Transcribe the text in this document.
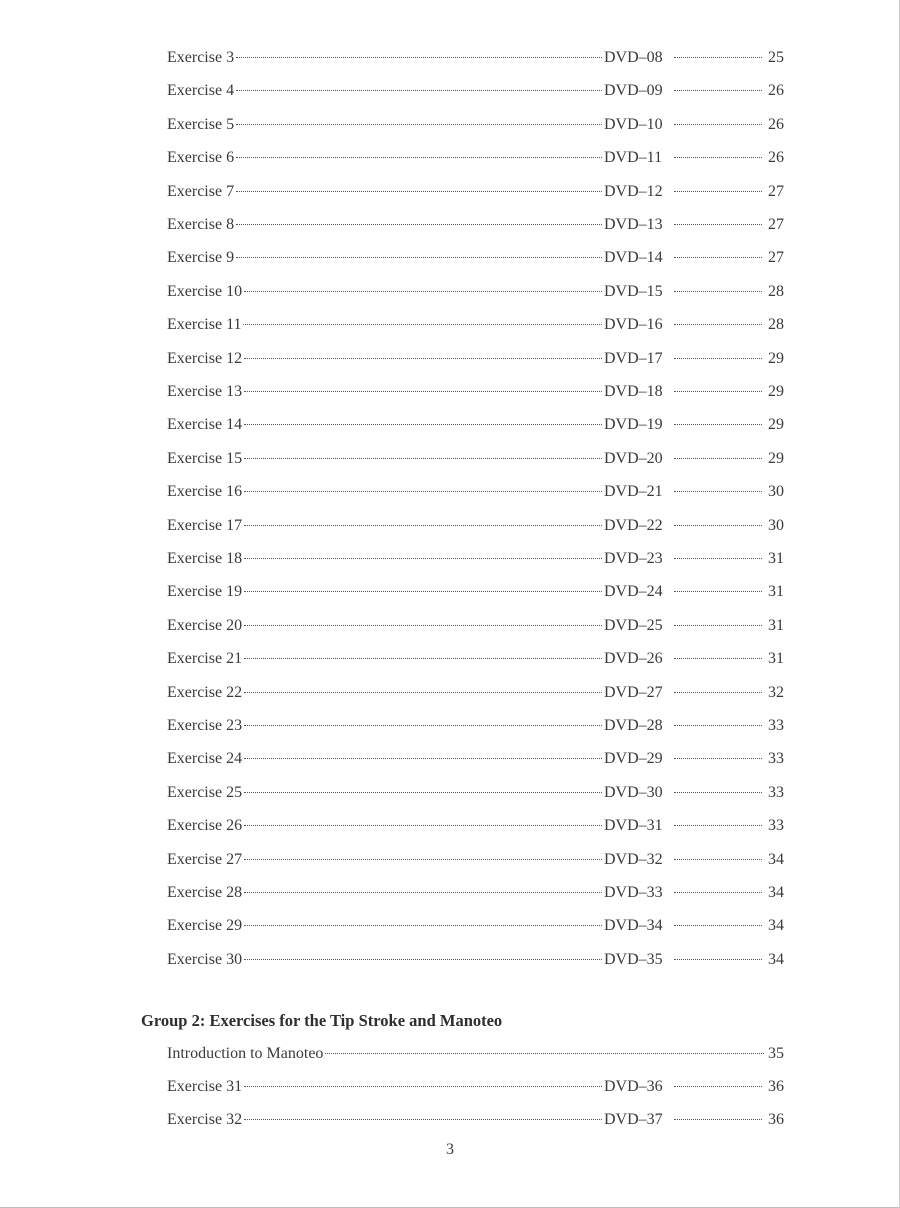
Exercise 3	DVD–08	25
Exercise 4	DVD–09	26
Exercise 5	DVD–10	26
Exercise 6	DVD–11	26
Exercise 7	DVD–12	27
Exercise 8	DVD–13	27
Exercise 9	DVD–14	27
Exercise 10	DVD–15	28
Exercise 11	DVD–16	28
Exercise 12	DVD–17	29
Exercise 13	DVD–18	29
Exercise 14	DVD–19	29
Exercise 15	DVD–20	29
Exercise 16	DVD–21	30
Exercise 17	DVD–22	30
Exercise 18	DVD–23	31
Exercise 19	DVD–24	31
Exercise 20	DVD–25	31
Exercise 21	DVD–26	31
Exercise 22	DVD–27	32
Exercise 23	DVD–28	33
Exercise 24	DVD–29	33
Exercise 25	DVD–30	33
Exercise 26	DVD–31	33
Exercise 27	DVD–32	34
Exercise 28	DVD–33	34
Exercise 29	DVD–34	34
Exercise 30	DVD–35	34
Group 2: Exercises for the Tip Stroke and Manoteo
Introduction to Manoteo	35
Exercise 31	DVD–36	36
Exercise 32	DVD–37	36
3
